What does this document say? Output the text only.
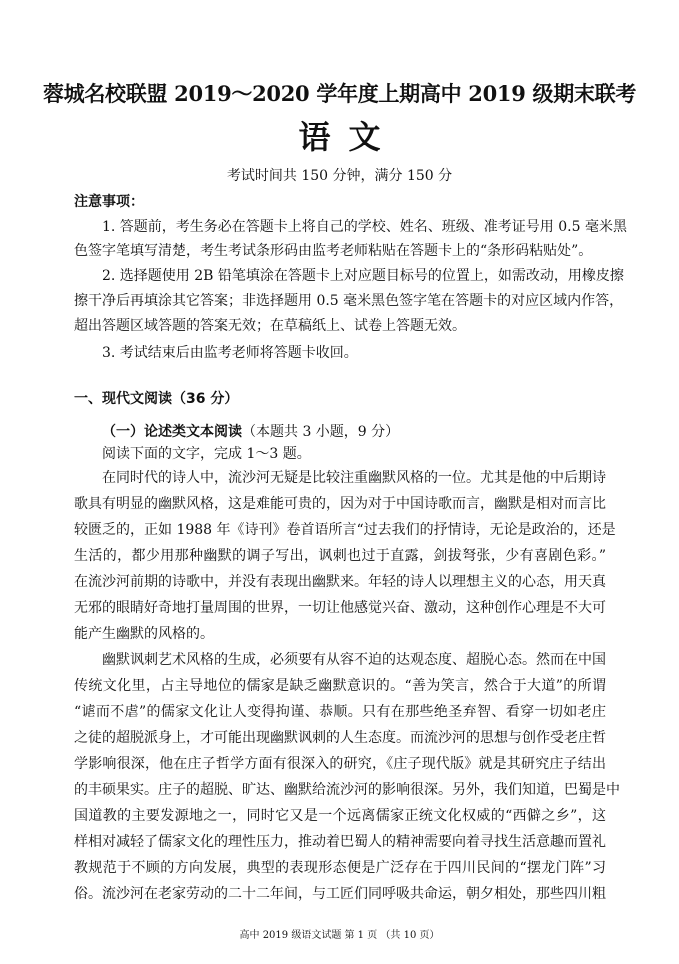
蓉城名校联盟 2019～2020 学年度上期高中 2019 级期末联考
语文
考试时间共 150 分钟，满分 150 分
注意事项：
1. 答题前，考生务必在答题卡上将自己的学校、姓名、班级、准考证号用 0.5 毫米黑
色签字笔填写清楚，考生考试条形码由监考老师粘贴在答题卡上的“条形码粘贴处”。
2. 选择题使用 2B 铅笔填涂在答题卡上对应题目标号的位置上，如需改动，用橡皮擦
擦干净后再填涂其它答案；非选择题用 0.5 毫米黑色签字笔在答题卡的对应区域内作答，
超出答题区域答题的答案无效；在草稿纸上、试卷上答题无效。
3. 考试结束后由监考老师将答题卡收回。
一、现代文阅读（36 分）
（一）论述类文本阅读（本题共 3 小题，9 分）
阅读下面的文字，完成 1～3 题。
在同时代的诗人中，流沙河无疑是比较注重幽默风格的一位。尤其是他的中后期诗
歌具有明显的幽默风格，这是难能可贵的，因为对于中国诗歌而言，幽默是相对而言比
较匮乏的，正如 1988 年《诗刊》卷首语所言“过去我们的抒情诗，无论是政治的，还是
生活的，都少用那种幽默的调子写出，讽刺也过于直露，剑拔弩张，少有喜剧色彩。”
在流沙河前期的诗歌中，并没有表现出幽默来。年轻的诗人以理想主义的心态，用天真
无邪的眼睛好奇地打量周围的世界，一切让他感觉兴奋、激动，这种创作心理是不大可
能产生幽默的风格的。
幽默讽刺艺术风格的生成，必须要有从容不迫的达观态度、超脱心态。然而在中国
传统文化里，占主导地位的儒家是缺乏幽默意识的。“善为笑言，然合于大道”的所谓
“谑而不虐”的儒家文化让人变得拘谨、恭顺。只有在那些绝圣弃智、看穿一切如老庄
之徒的超脱派身上，才可能出现幽默讽刺的人生态度。而流沙河的思想与创作受老庄哲
学影响很深，他在庄子哲学方面有很深入的研究，《庄子现代版》就是其研究庄子结出
的丰硕果实。庄子的超脱、旷达、幽默给流沙河的影响很深。另外，我们知道，巴蜀是中
国道教的主要发源地之一，同时它又是一个远离儒家正统文化权威的“西僻之乡”，这
样相对减轻了儒家文化的理性压力，推动着巴蜀人的精神需要向着寻找生活意趣而置礼
教规范于不顾的方向发展，典型的表现形态便是广泛存在于四川民间的“摆龙门阵”习
俗。流沙河在老家劳动的二十二年间，与工匠们同呼吸共命运，朝夕相处，那些四川粗
高中 2019 级语文试题 第 1 页 （共 10 页）
